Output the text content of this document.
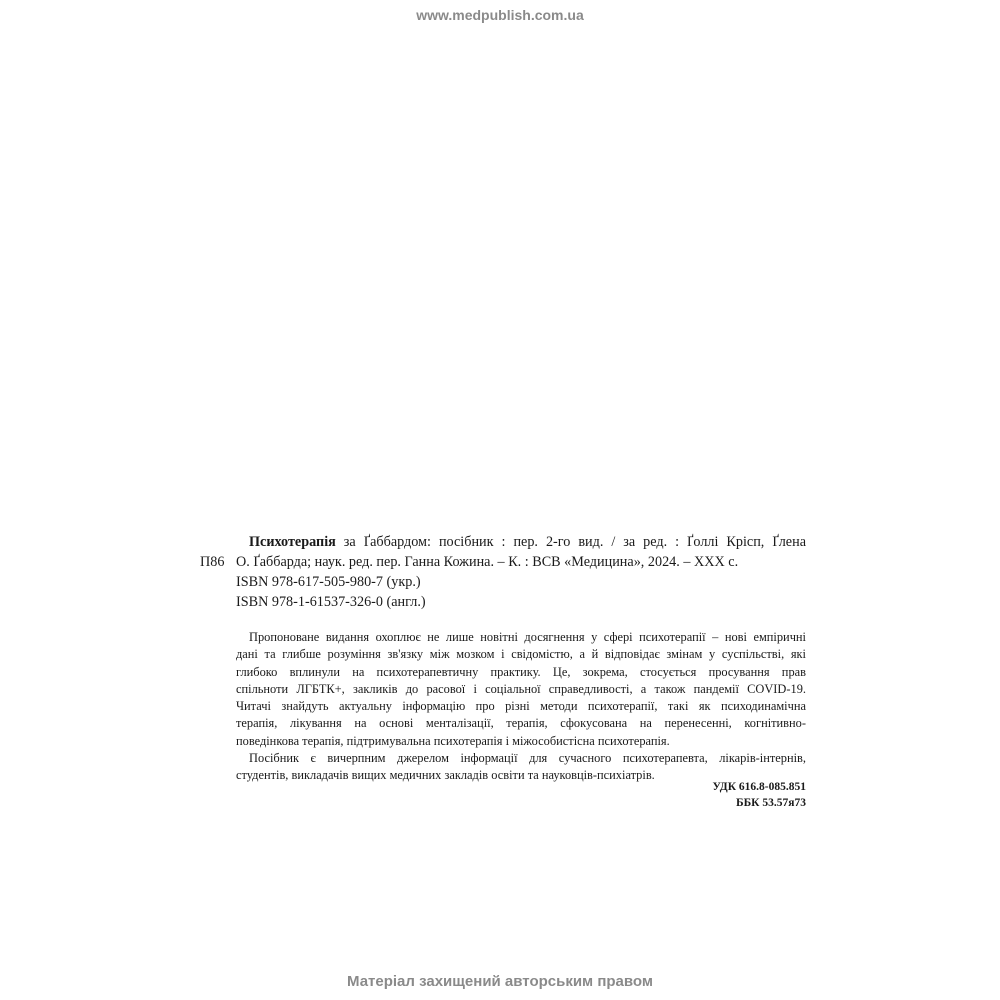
www.medpublish.com.ua
П86
Психотерапія за Ґаббардом: посібник : пер. 2-го вид. / за ред. : Ґоллі Кріcп, Ґлена
О. Ґаббарда; наук. ред. пер. Ганна Кожина. – К. : ВСВ «Медицина», 2024. – ХХХ с.
ISBN 978-617-505-980-7 (укр.)
ISBN 978-1-61537-326-0 (англ.)
Пропоноване видання охоплює не лише новітні досягнення у сфері психотерапії – нові емпіричні
дані та глибше розуміння зв'язку між мозком і свідомістю, а й відповідає змінам у суспільстві, які
глибоко вплинули на психотерапевтичну практику. Це, зокрема, стосується просування прав
спільноти ЛГБТК+, закликів до расової і соціальної справедливості, а також пандемії COVID-19.
Читачі знайдуть актуальну інформацію про різні методи психотерапії, такі як психодинамічна
терапія, лікування на основі менталізації, терапія, сфокусована на перенесенні, когнітивно-
поведінкова терапія, підтримувальна психотерапія і міжособистісна психотерапія.
Посібник є вичерпним джерелом інформації для сучасного психотерапевта, лікарів-інтернів,
студентів, викладачів вищих медичних закладів освіти та науковців-психіатрів.
УДК 616.8-085.851
ББК 53.57я73
Матеріал захищений авторським правом
